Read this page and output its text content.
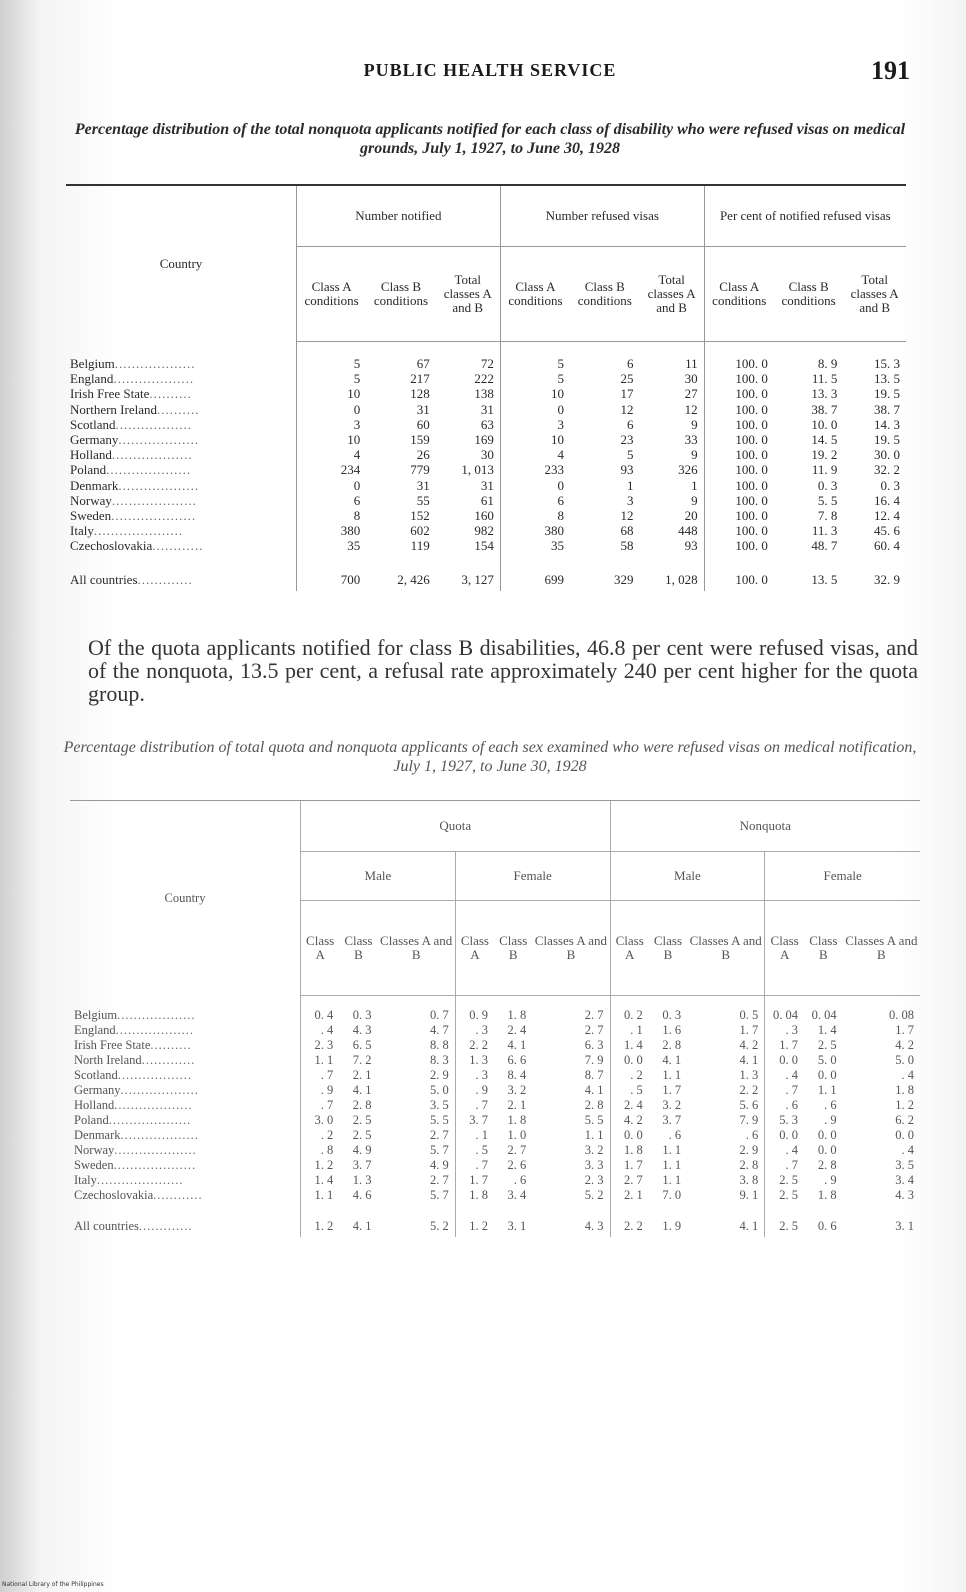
PUBLIC HEALTH SERVICE	191
Percentage distribution of the total nonquota applicants notified for each class of disability who were refused visas on medical grounds, July 1, 1927, to June 30, 1928
Country	Number notified			Number refused visas			Per cent of notified refused visas		
	Class A conditions	Class B conditions	Total classes A and B	Class A conditions	Class B conditions	Total classes A and B	Class A conditions	Class B conditions	Total classes A and B
Belgium...................	5	67	72	5	6	11	100. 0	8. 9	15. 3
England...................	5	217	222	5	25	30	100. 0	11. 5	13. 5
Irish Free State..........	10	128	138	10	17	27	100. 0	13. 3	19. 5
Northern Ireland..........	0	31	31	0	12	12	100. 0	38. 7	38. 7
Scotland..................	3	60	63	3	6	9	100. 0	10. 0	14. 3
Germany...................	10	159	169	10	23	33	100. 0	14. 5	19. 5
Holland...................	4	26	30	4	5	9	100. 0	19. 2	30. 0
Poland....................	234	779	1, 013	233	93	326	100. 0	11. 9	32. 2
Denmark...................	0	31	31	0	1	1	100. 0	0. 3	0. 3
Norway....................	6	55	61	6	3	9	100. 0	5. 5	16. 4
Sweden....................	8	152	160	8	12	20	100. 0	7. 8	12. 4
Italy.....................	380	602	982	380	68	448	100. 0	11. 3	45. 6
Czechoslovakia............	35	119	154	35	58	93	100. 0	48. 7	60. 4
All countries.............	700	2, 426	3, 127	699	329	1, 028	100. 0	13. 5	32. 9
Of the quota applicants notified for class B disabilities, 46.8 per cent were refused visas, and of the nonquota, 13.5 per cent, a refusal rate approximately 240 per cent higher for the quota group.
Percentage distribution of total quota and nonquota applicants of each sex examined who were refused visas on medical notification, July 1, 1927, to June 30, 1928
Country	Quota						Nonquota					
	Male			Female			Male			Female		
	Class A	Class B	Classes A and B	Class A	Class B	Classes A and B	Class A	Class B	Classes A and B	Class A	Class B	Classes A and B
Belgium...................	0. 4	0. 3	0. 7	0. 9	1. 8	2. 7	0. 2	0. 3	0. 5	0. 04	0. 04	0. 08
England...................	. 4	4. 3	4. 7	. 3	2. 4	2. 7	. 1	1. 6	1. 7	. 3	1. 4	1. 7
Irish Free State..........	2. 3	6. 5	8. 8	2. 2	4. 1	6. 3	1. 4	2. 8	4. 2	1. 7	2. 5	4. 2
North Ireland.............	1. 1	7. 2	8. 3	1. 3	6. 6	7. 9	0. 0	4. 1	4. 1	0. 0	5. 0	5. 0
Scotland..................	. 7	2. 1	2. 9	. 3	8. 4	8. 7	. 2	1. 1	1. 3	. 4	0. 0	. 4
Germany...................	. 9	4. 1	5. 0	. 9	3. 2	4. 1	. 5	1. 7	2. 2	. 7	1. 1	1. 8
Holland...................	. 7	2. 8	3. 5	. 7	2. 1	2. 8	2. 4	3. 2	5. 6	. 6	. 6	1. 2
Poland....................	3. 0	2. 5	5. 5	3. 7	1. 8	5. 5	4. 2	3. 7	7. 9	5. 3	. 9	6. 2
Denmark...................	. 2	2. 5	2. 7	. 1	1. 0	1. 1	0. 0	. 6	. 6	0. 0	0. 0	0. 0
Norway....................	. 8	4. 9	5. 7	. 5	2. 7	3. 2	1. 8	1. 1	2. 9	. 4	0. 0	. 4
Sweden....................	1. 2	3. 7	4. 9	. 7	2. 6	3. 3	1. 7	1. 1	2. 8	. 7	2. 8	3. 5
Italy.....................	1. 4	1. 3	2. 7	1. 7	. 6	2. 3	2. 7	1. 1	3. 8	2. 5	. 9	3. 4
Czechoslovakia............	1. 1	4. 6	5. 7	1. 8	3. 4	5. 2	2. 1	7. 0	9. 1	2. 5	1. 8	4. 3
All countries.............	1. 2	4. 1	5. 2	1. 2	3. 1	4. 3	2. 2	1. 9	4. 1	2. 5	0. 6	3. 1
National Library of the Philippines
